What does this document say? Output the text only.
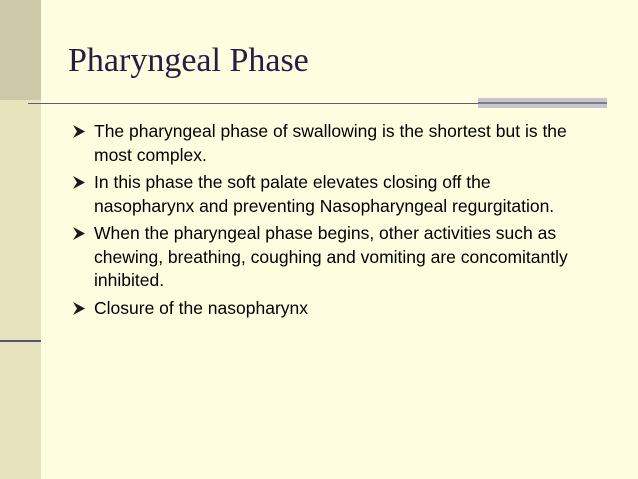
Pharyngeal Phase
The pharyngeal phase of swallowing is the shortest but is the most complex.
In this phase the soft palate elevates closing off the nasopharynx and preventing Nasopharyngeal regurgitation.
When the pharyngeal phase begins, other activities such as chewing, breathing, coughing and vomiting are concomitantly inhibited.
Closure of the nasopharynx
